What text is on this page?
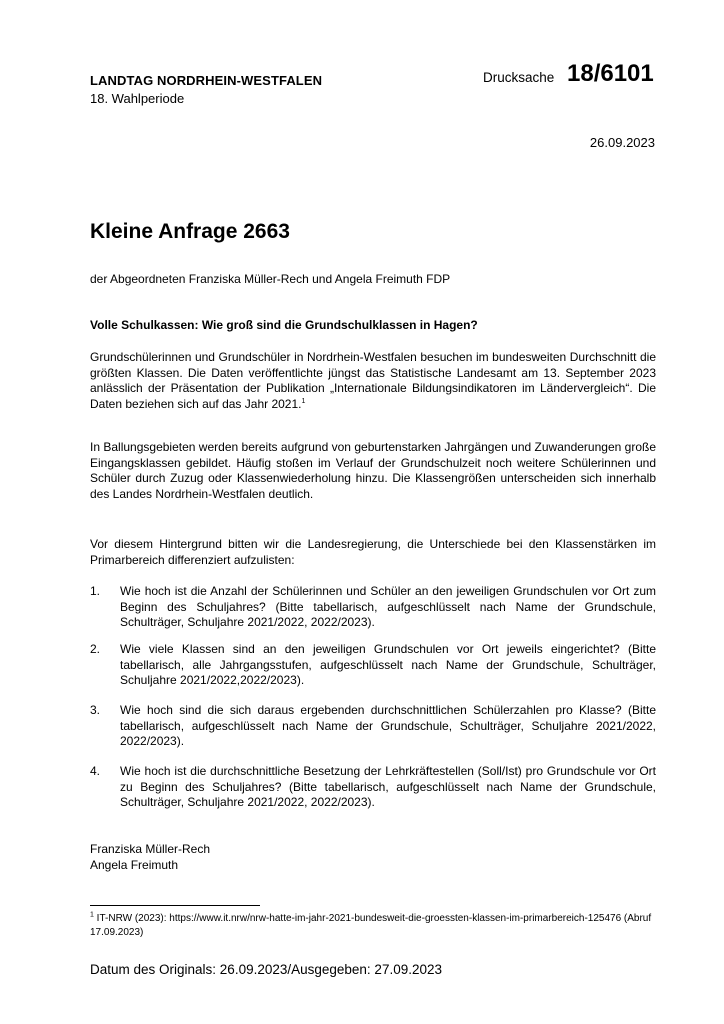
LANDTAG NORDRHEIN-WESTFALEN
18. Wahlperiode
Drucksache 18/6101
26.09.2023
Kleine Anfrage 2663
der Abgeordneten Franziska Müller-Rech und Angela Freimuth FDP
Volle Schulkassen: Wie groß sind die Grundschulklassen in Hagen?
Grundschülerinnen und Grundschüler in Nordrhein-Westfalen besuchen im bundesweiten Durchschnitt die größten Klassen. Die Daten veröffentlichte jüngst das Statistische Landesamt am 13. September 2023 anlässlich der Präsentation der Publikation „Internationale Bildungsindikatoren im Ländervergleich“. Die Daten beziehen sich auf das Jahr 2021.$^1$
In Ballungsgebieten werden bereits aufgrund von geburtenstarken Jahrgängen und Zuwanderungen große Eingangsklassen gebildet. Häufig stoßen im Verlauf der Grundschulzeit noch weitere Schülerinnen und Schüler durch Zuzug oder Klassenwiederholung hinzu. Die Klassengrößen unterscheiden sich innerhalb des Landes Nordrhein-Westfalen deutlich.
Vor diesem Hintergrund bitten wir die Landesregierung, die Unterschiede bei den Klassenstärken im Primarbereich differenziert aufzulisten:
1. Wie hoch ist die Anzahl der Schülerinnen und Schüler an den jeweiligen Grundschulen vor Ort zum Beginn des Schuljahres? (Bitte tabellarisch, aufgeschlüsselt nach Name der Grundschule, Schulträger, Schuljahre 2021/2022, 2022/2023).
2. Wie viele Klassen sind an den jeweiligen Grundschulen vor Ort jeweils eingerichtet? (Bitte tabellarisch, alle Jahrgangsstufen, aufgeschlüsselt nach Name der Grundschule, Schulträger, Schuljahre 2021/2022,2022/2023).
3. Wie hoch sind die sich daraus ergebenden durchschnittlichen Schülerzahlen pro Klasse? (Bitte tabellarisch, aufgeschlüsselt nach Name der Grundschule, Schulträger, Schuljahre 2021/2022, 2022/2023).
4. Wie hoch ist die durchschnittliche Besetzung der Lehrkräftestellen (Soll/Ist) pro Grundschule vor Ort zu Beginn des Schuljahres? (Bitte tabellarisch, aufgeschlüsselt nach Name der Grundschule, Schulträger, Schuljahre 2021/2022, 2022/2023).
Franziska Müller-Rech
Angela Freimuth
$^1$ IT-NRW (2023): https://www.it.nrw/nrw-hatte-im-jahr-2021-bundesweit-die-groessten-klassen-im-primarbereich-125476 (Abruf 17.09.2023)
Datum des Originals: 26.09.2023/Ausgegeben: 27.09.2023
